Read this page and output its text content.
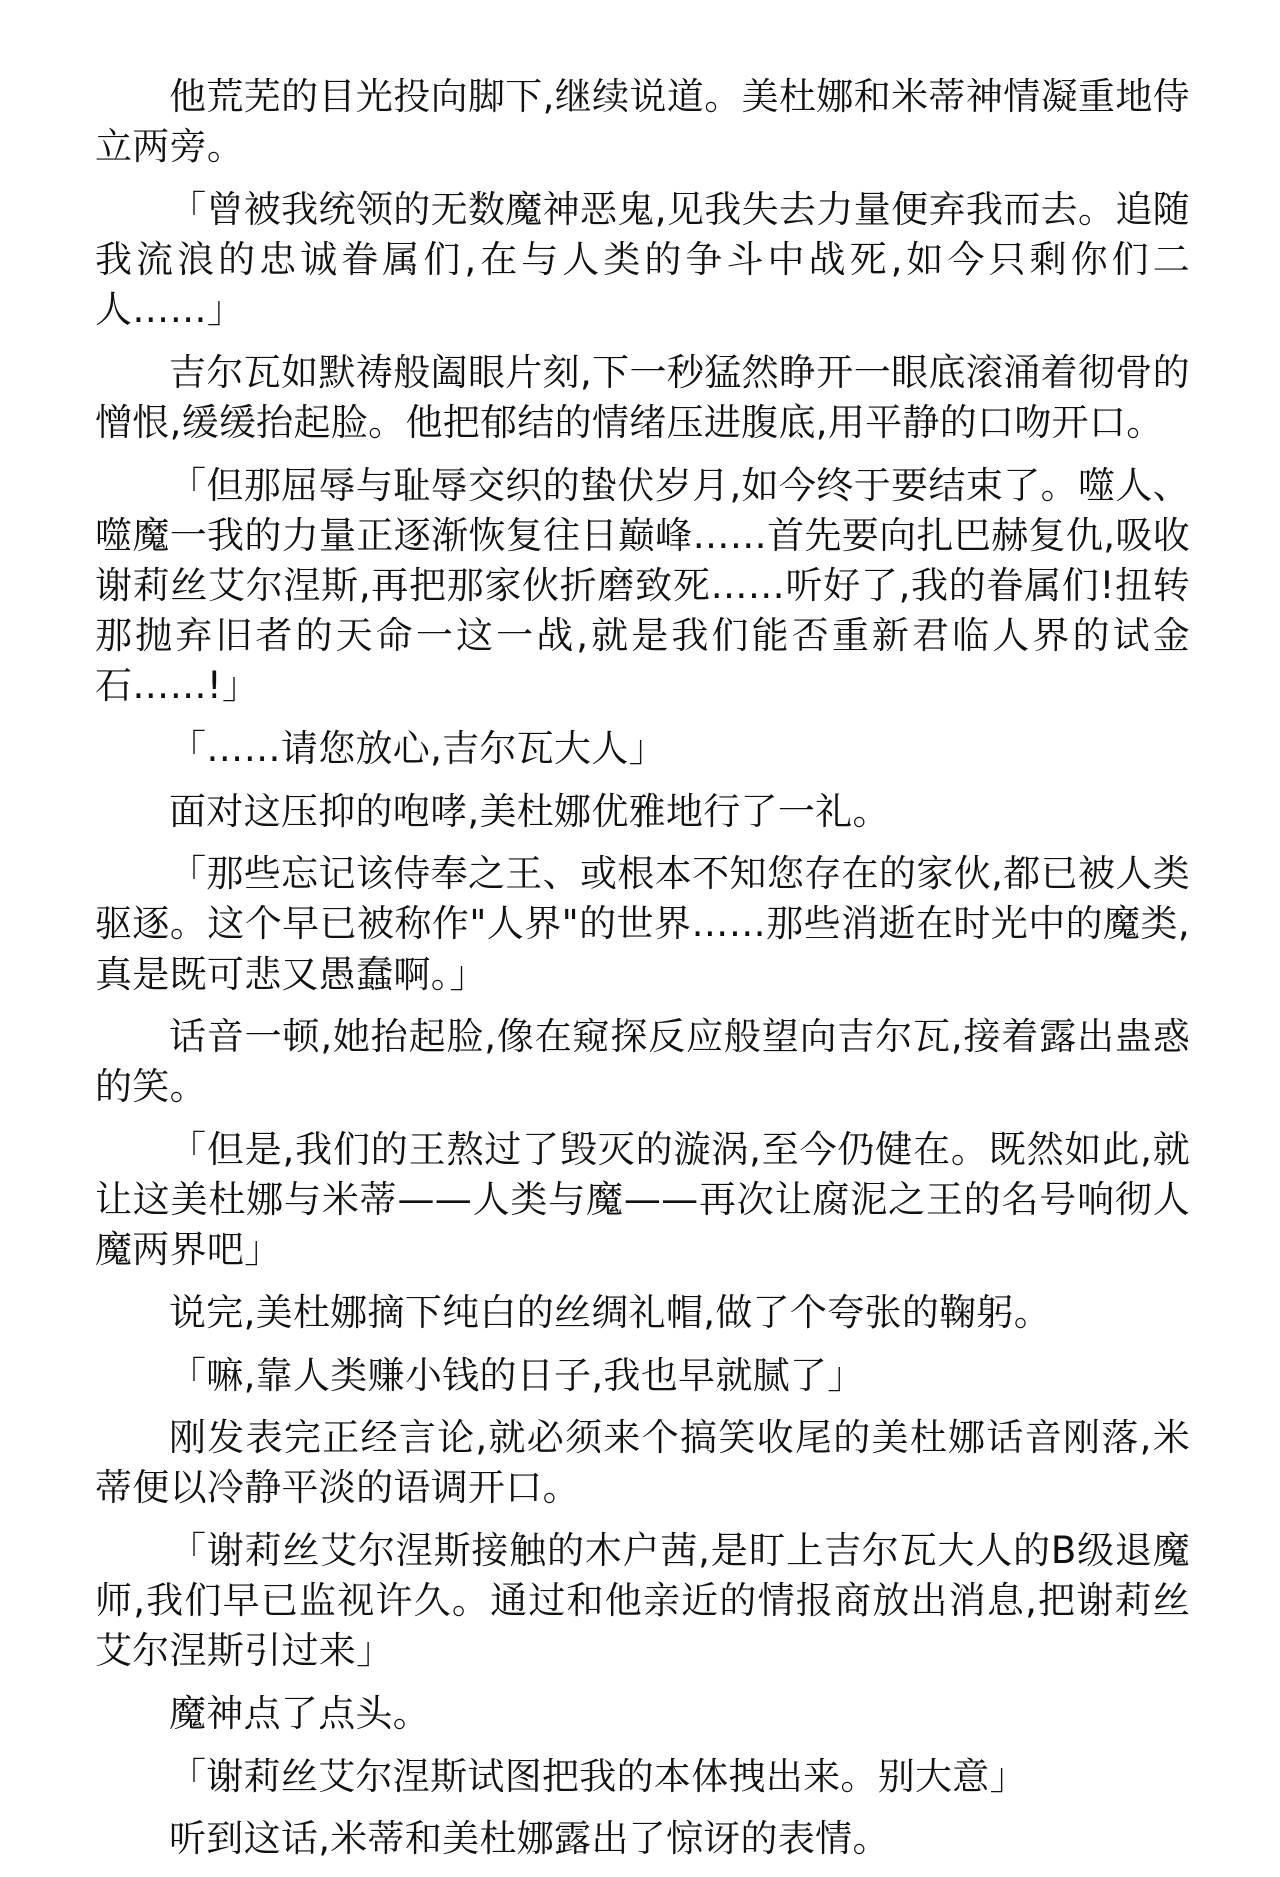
他荒芜的目光投向脚下,继续说道。美杜娜和米蒂神情凝重地侍立两旁。

「曾被我统领的无数魔神恶鬼,见我失去力量便弃我而去。追随我流浪的忠诚眷属们,在与人类的争斗中战死,如今只剩你们二人……」

吉尔瓦如默祷般阖眼片刻,下一秒猛然睁开一眼底滚涌着彻骨的憎恨,缓缓抬起脸。他把郁结的情绪压进腹底,用平静的口吻开口。

「但那屈辱与耻辱交织的蛰伏岁月,如今终于要结束了。噬人、噬魔一我的力量正逐渐恢复往日巅峰……首先要向扎巴赫复仇,吸收谢莉丝艾尔涅斯,再把那家伙折磨致死……听好了,我的眷属们!扭转那抛弃旧者的天命一这一战,就是我们能否重新君临人界的试金石……!」

「……请您放心,吉尔瓦大人」

面对这压抑的咆哮,美杜娜优雅地行了一礼。

「那些忘记该侍奉之王、或根本不知您存在的家伙,都已被人类驱逐。这个早已被称作"人界"的世界……那些消逝在时光中的魔类,真是既可悲又愚蠢啊。」

话音一顿,她抬起脸,像在窥探反应般望向吉尔瓦,接着露出蛊惑的笑。

「但是,我们的王熬过了毁灭的漩涡,至今仍健在。既然如此,就让这美杜娜与米蒂——人类与魔——再次让腐泥之王的名号响彻人魔两界吧」

说完,美杜娜摘下纯白的丝绸礼帽,做了个夸张的鞠躬。

「嘛,靠人类赚小钱的日子,我也早就腻了」

刚发表完正经言论,就必须来个搞笑收尾的美杜娜话音刚落,米蒂便以冷静平淡的语调开口。

「谢莉丝艾尔涅斯接触的木户茜,是盯上吉尔瓦大人的B级退魔师,我们早已监视许久。通过和他亲近的情报商放出消息,把谢莉丝艾尔涅斯引过来」

魔神点了点头。

「谢莉丝艾尔涅斯试图把我的本体拽出来。别大意」

听到这话,米蒂和美杜娜露出了惊讶的表情。
